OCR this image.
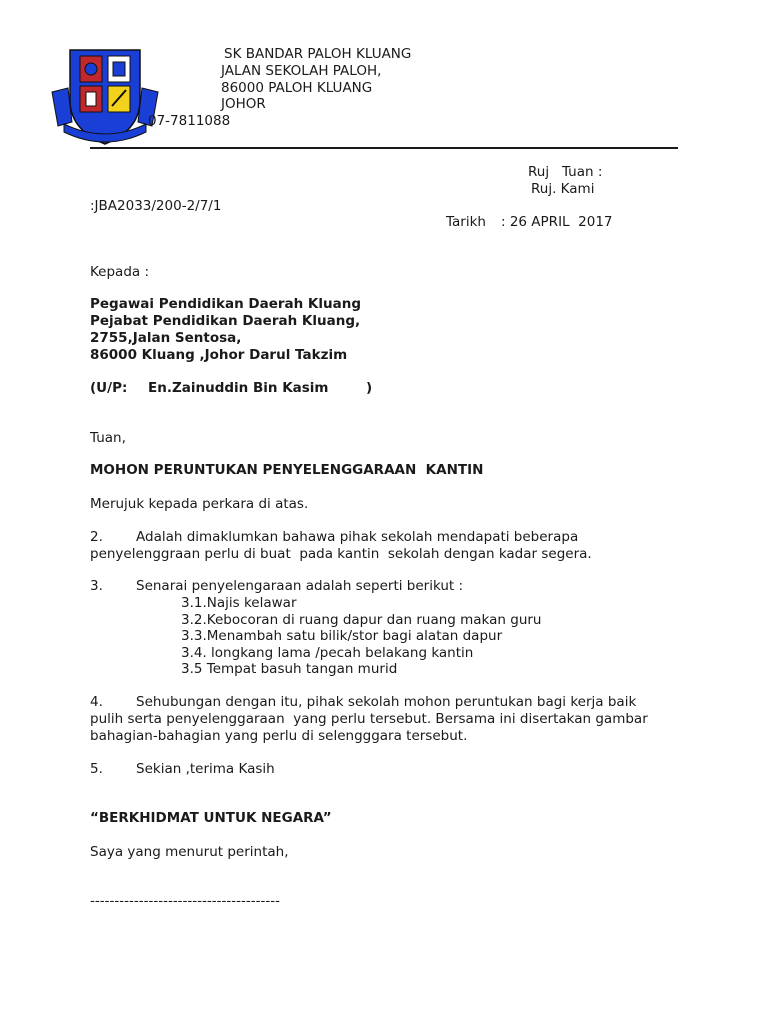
SK BANDAR PALOH KLUANG
JALAN SEKOLAH PALOH,
86000 PALOH KLUANG
JOHOR
07-7811088
Ruj   Tuan :
Ruj. Kami
:JBA2033/200-2/7/1
Tarikh : 26 APRIL  2017
Kepada :
Pegawai Pendidikan Daerah Kluang
Pejabat Pendidikan Daerah Kluang,
2755,Jalan Sentosa,
86000 Kluang ,Johor Darul Takzim
(U/P: En.Zainuddin Bin Kasim	)
Tuan,
MOHON PERUNTUKAN PENYELENGGARAAN  KANTIN
Merujuk kepada perkara di atas.
2. Adalah dimaklumkan bahawa pihak sekolah mendapati beberapa
penyelenggraan perlu di buat  pada kantin  sekolah dengan kadar segera.
3. Senarai penyelengaraan adalah seperti berikut :
3.1.Najis kelawar
3.2.Kebocoran di ruang dapur dan ruang makan guru
3.3.Menambah satu bilik/stor bagi alatan dapur
3.4. longkang lama /pecah belakang kantin
3.5 Tempat basuh tangan murid
4. Sehubungan dengan itu, pihak sekolah mohon peruntukan bagi kerja baik
pulih serta penyelenggaraan  yang perlu tersebut. Bersama ini disertakan gambar
bahagian-bahagian yang perlu di selengggara tersebut.
5. Sekian ,terima Kasih
“BERKHIDMAT UNTUK NEGARA”
Saya yang menurut perintah,
---------------------------------------
